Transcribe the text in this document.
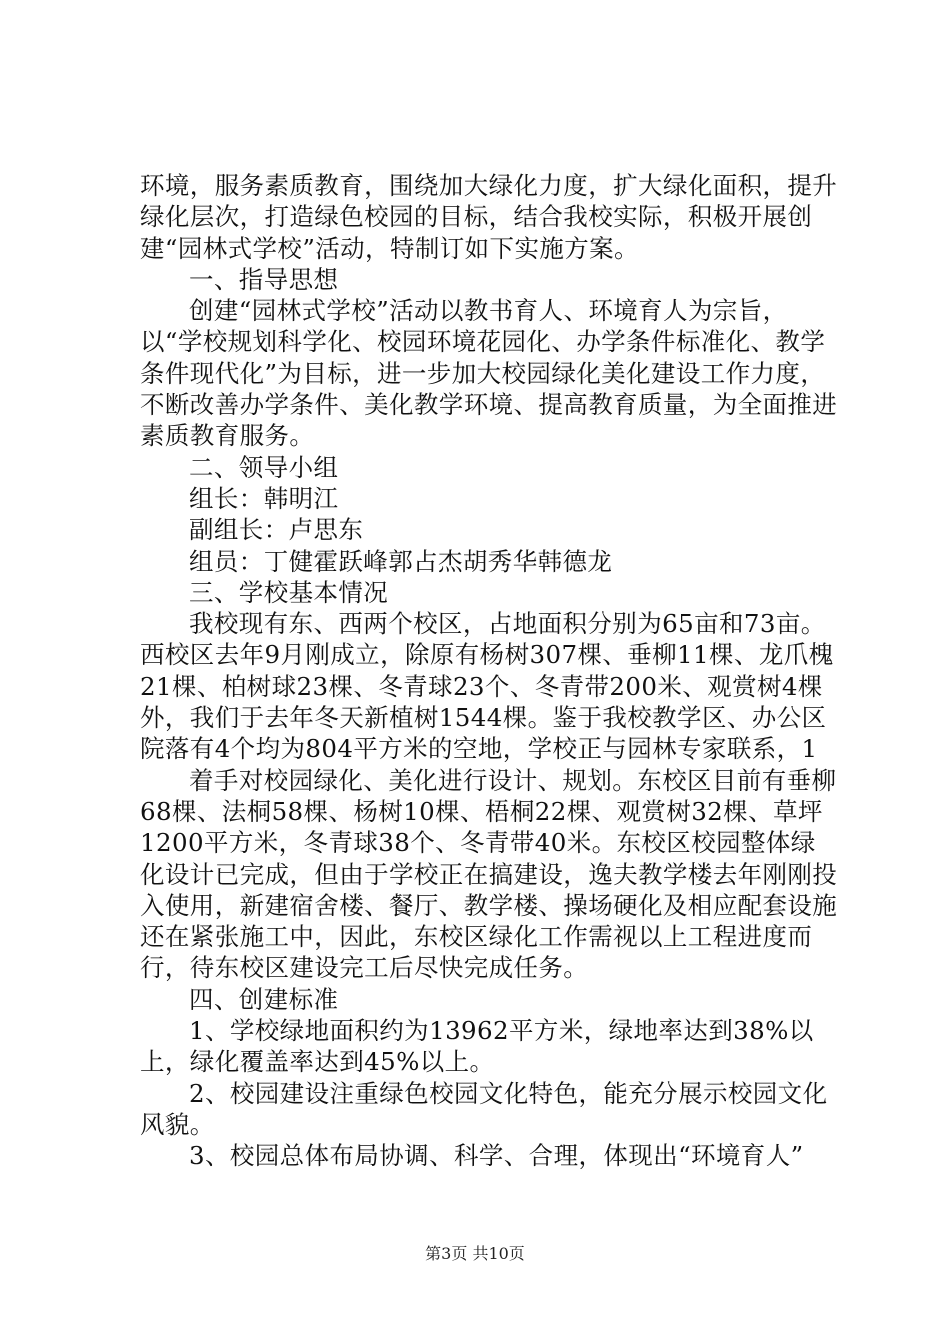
环境，服务素质教育，围绕加大绿化力度，扩大绿化面积，提升绿化层次，打造绿色校园的目标，结合我校实际，积极开展创建“园林式学校”活动，特制订如下实施方案。

一、指导思想

创建“园林式学校”活动以教书育人、环境育人为宗旨，以“学校规划科学化、校园环境花园化、办学条件标准化、教学条件现代化”为目标，进一步加大校园绿化美化建设工作力度，不断改善办学条件、美化教学环境、提高教育质量，为全面推进素质教育服务。

二、领导小组

组长：韩明江

副组长：卢思东

组员：丁健霍跃峰郭占杰胡秀华韩德龙

三、学校基本情况

我校现有东、西两个校区，占地面积分别为65亩和73亩。西校区去年9月刚成立，除原有杨树307棵、垂柳11棵、龙爪槐21棵、柏树球23棵、冬青球23个、冬青带200米、观赏树4棵外，我们于去年冬天新植树1544棵。鉴于我校教学区、办公区院落有4个均为804平方米的空地，学校正与园林专家联系，1

着手对校园绿化、美化进行设计、规划。东校区目前有垂柳68棵、法桐58棵、杨树10棵、梧桐22棵、观赏树32棵、草坪1200平方米，冬青球38个、冬青带40米。东校区校园整体绿化设计已完成，但由于学校正在搞建设，逸夫教学楼去年刚刚投入使用，新建宿舍楼、餐厅、教学楼、操场硬化及相应配套设施还在紧张施工中，因此，东校区绿化工作需视以上工程进度而行，待东校区建设完工后尽快完成任务。

四、创建标准

1、学校绿地面积约为13962平方米，绿地率达到38%以上，绿化覆盖率达到45%以上。

2、校园建设注重绿色校园文化特色，能充分展示校园文化风貌。

3、校园总体布局协调、科学、合理，体现出“环境育人”

第3页 共10页
